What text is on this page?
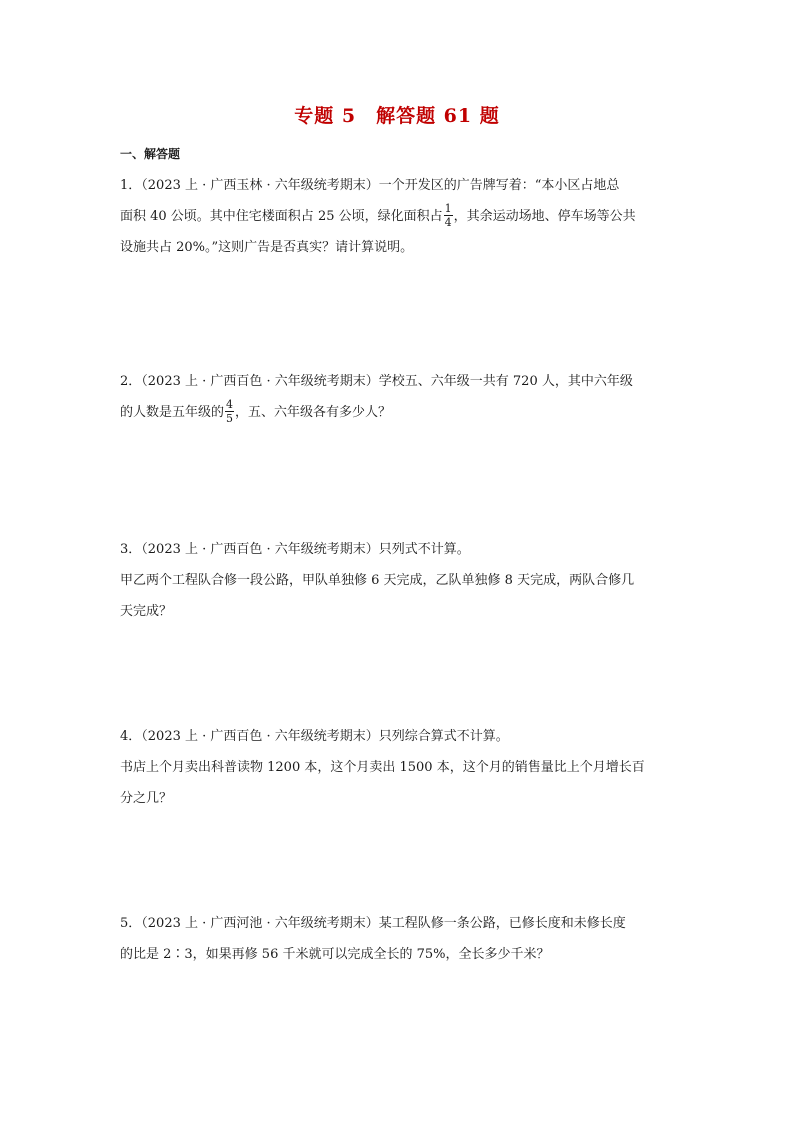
专题 5　解答题 61 题
一、解答题
1．（2023 上 · 广西玉林 · 六年级统考期末）一个开发区的广告牌写着：“本小区占地总
面积 40 公顷。其中住宅楼面积占 25 公顷，绿化面积占 $\frac{1}{4}$ ，其余运动场地、停车场等公共
设施共占 20%。”这则广告是否真实？请计算说明。
2．（2023 上 · 广西百色 · 六年级统考期末）学校五、六年级一共有 720 人，其中六年级
的人数是五年级的 $\frac{4}{5}$ ，五、六年级各有多少人？
3．（2023 上 · 广西百色 · 六年级统考期末）只列式不计算。
甲乙两个工程队合修一段公路，甲队单独修 6 天完成，乙队单独修 8 天完成，两队合修几
天完成？
4．（2023 上 · 广西百色 · 六年级统考期末）只列综合算式不计算。
书店上个月卖出科普读物 1200 本，这个月卖出 1500 本，这个月的销售量比上个月增长百
分之几？
5．（2023 上 · 广西河池 · 六年级统考期末）某工程队修一条公路，已修长度和未修长度
的比是 2∶3，如果再修 56 千米就可以完成全长的 75%，全长多少千米？
